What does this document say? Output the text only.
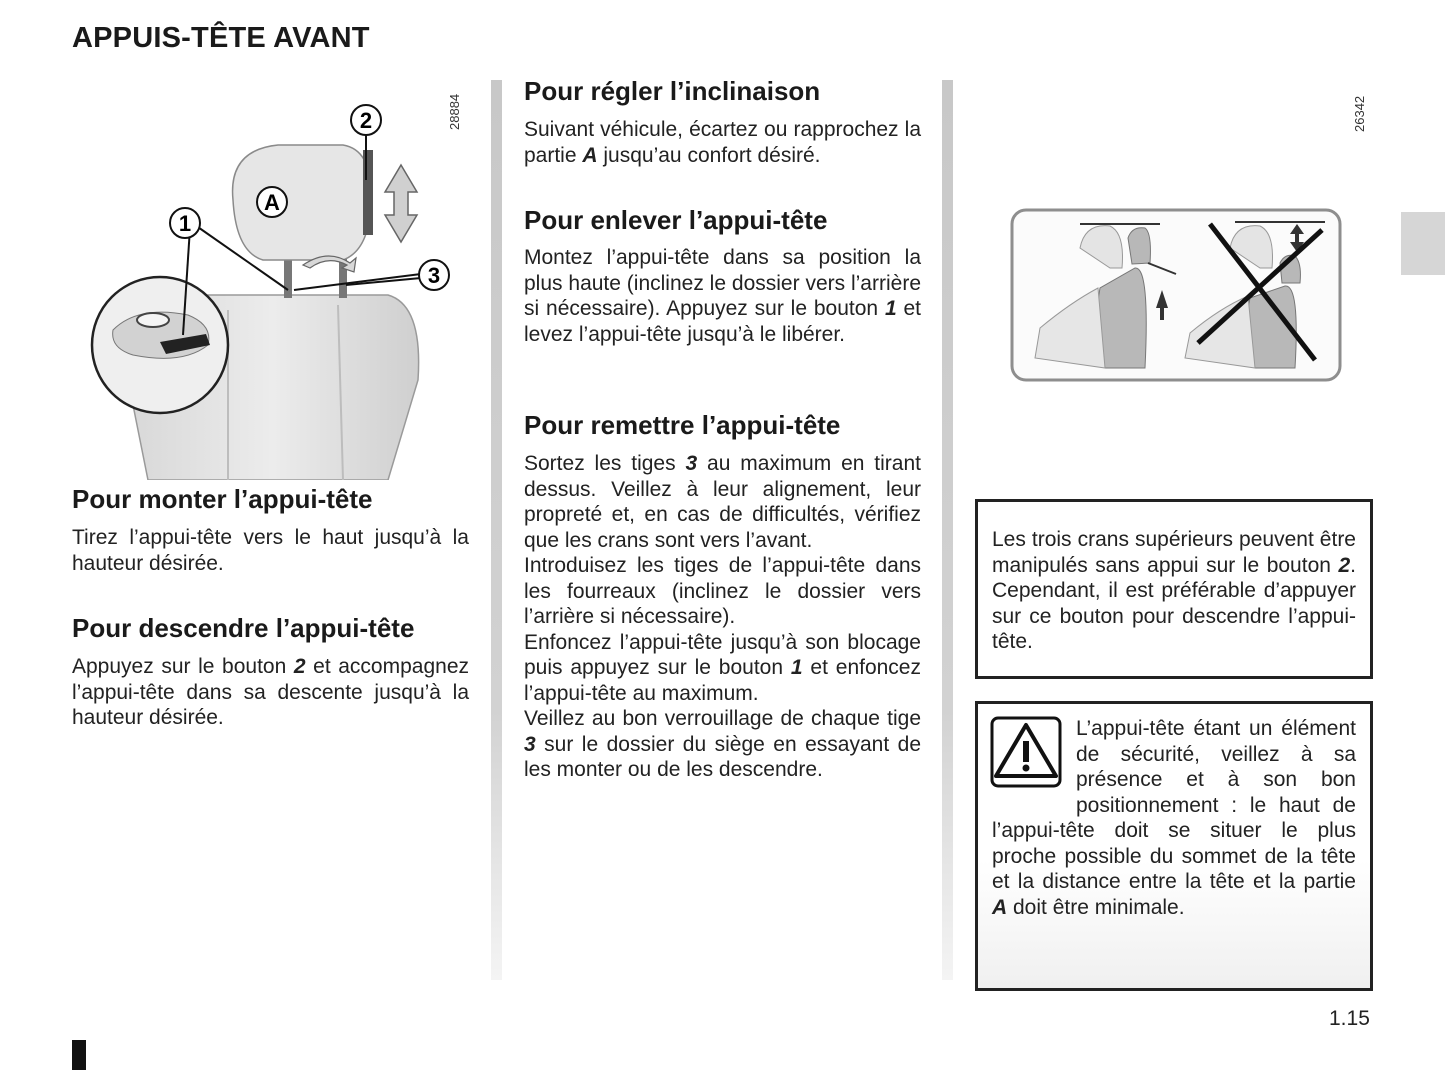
APPUIS-TÊTE AVANT
2
A
1
3
28884
Pour monter l’appui-tête

Tirez l’appui-tête vers le haut jusqu’à la hauteur désirée.

Pour descendre l’appui-tête

Appuyez sur le bouton 2 et accompagnez l’appui-tête dans sa descente jusqu’à la hauteur désirée.

Pour régler l’inclinaison

Suivant véhicule, écartez ou rapprochez la partie A jusqu’au confort désiré.

Pour enlever l’appui-tête

Montez l’appui-tête dans sa position la plus haute (inclinez le dossier vers l’arrière si nécessaire). Appuyez sur le bouton 1 et levez l’appui-tête jusqu’à le libérer.

Pour remettre l’appui-tête

Sortez les tiges 3 au maximum en tirant dessus. Veillez à leur alignement, leur propreté et, en cas de difficultés, vérifiez que les crans sont vers l’avant.

Introduisez les tiges de l’appui-tête dans les fourreaux (inclinez le dossier vers l’arrière si nécessaire).

Enfoncez l’appui-tête jusqu’à son blocage puis appuyez sur le bouton 1 et enfoncez l’appui-tête au maximum.

Veillez au bon verrouillage de chaque tige 3 sur le dossier du siège en essayant de les monter ou de les descendre.

26342

Les trois crans supérieurs peuvent être manipulés sans appui sur le bouton 2. Cependant, il est préférable d’appuyer sur ce bouton pour descendre l’appui-tête.

L’appui-tête étant un élément de sécurité, veillez à sa présence et à son bon positionnement : le haut de l’appui-tête doit se situer le plus proche possible du sommet de la tête et la distance entre la tête et la partie A doit être minimale.

1.15
